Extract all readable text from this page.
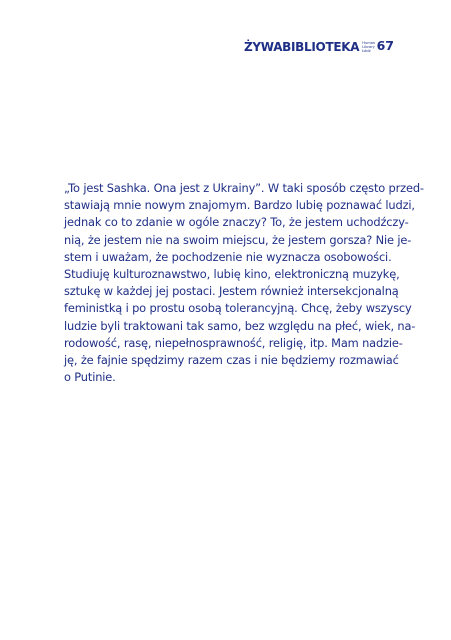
ŻYWABIBLIOTEKA Human
Library
Łódź 67
„To jest Sashka. Ona jest z Ukrainy”. W taki sposób często przed-
stawiają mnie nowym znajomym. Bardzo lubię poznawać ludzi,
jednak co to zdanie w ogóle znaczy? To, że jestem uchodźczy-
nią, że jestem nie na swoim miejscu, że jestem gorsza? Nie je-
stem i uważam, że pochodzenie nie wyznacza osobowości.
Studiuję kulturoznawstwo, lubię kino, elektroniczną muzykę,
sztukę w każdej jej postaci. Jestem również intersekcjonalną
feministką i po prostu osobą tolerancyjną. Chcę, żeby wszyscy
ludzie byli traktowani tak samo, bez względu na płeć, wiek, na-
rodowość, rasę, niepełnosprawność, religię, itp. Mam nadzie-
ję, że fajnie spędzimy razem czas i nie będziemy rozmawiać
o Putinie.
